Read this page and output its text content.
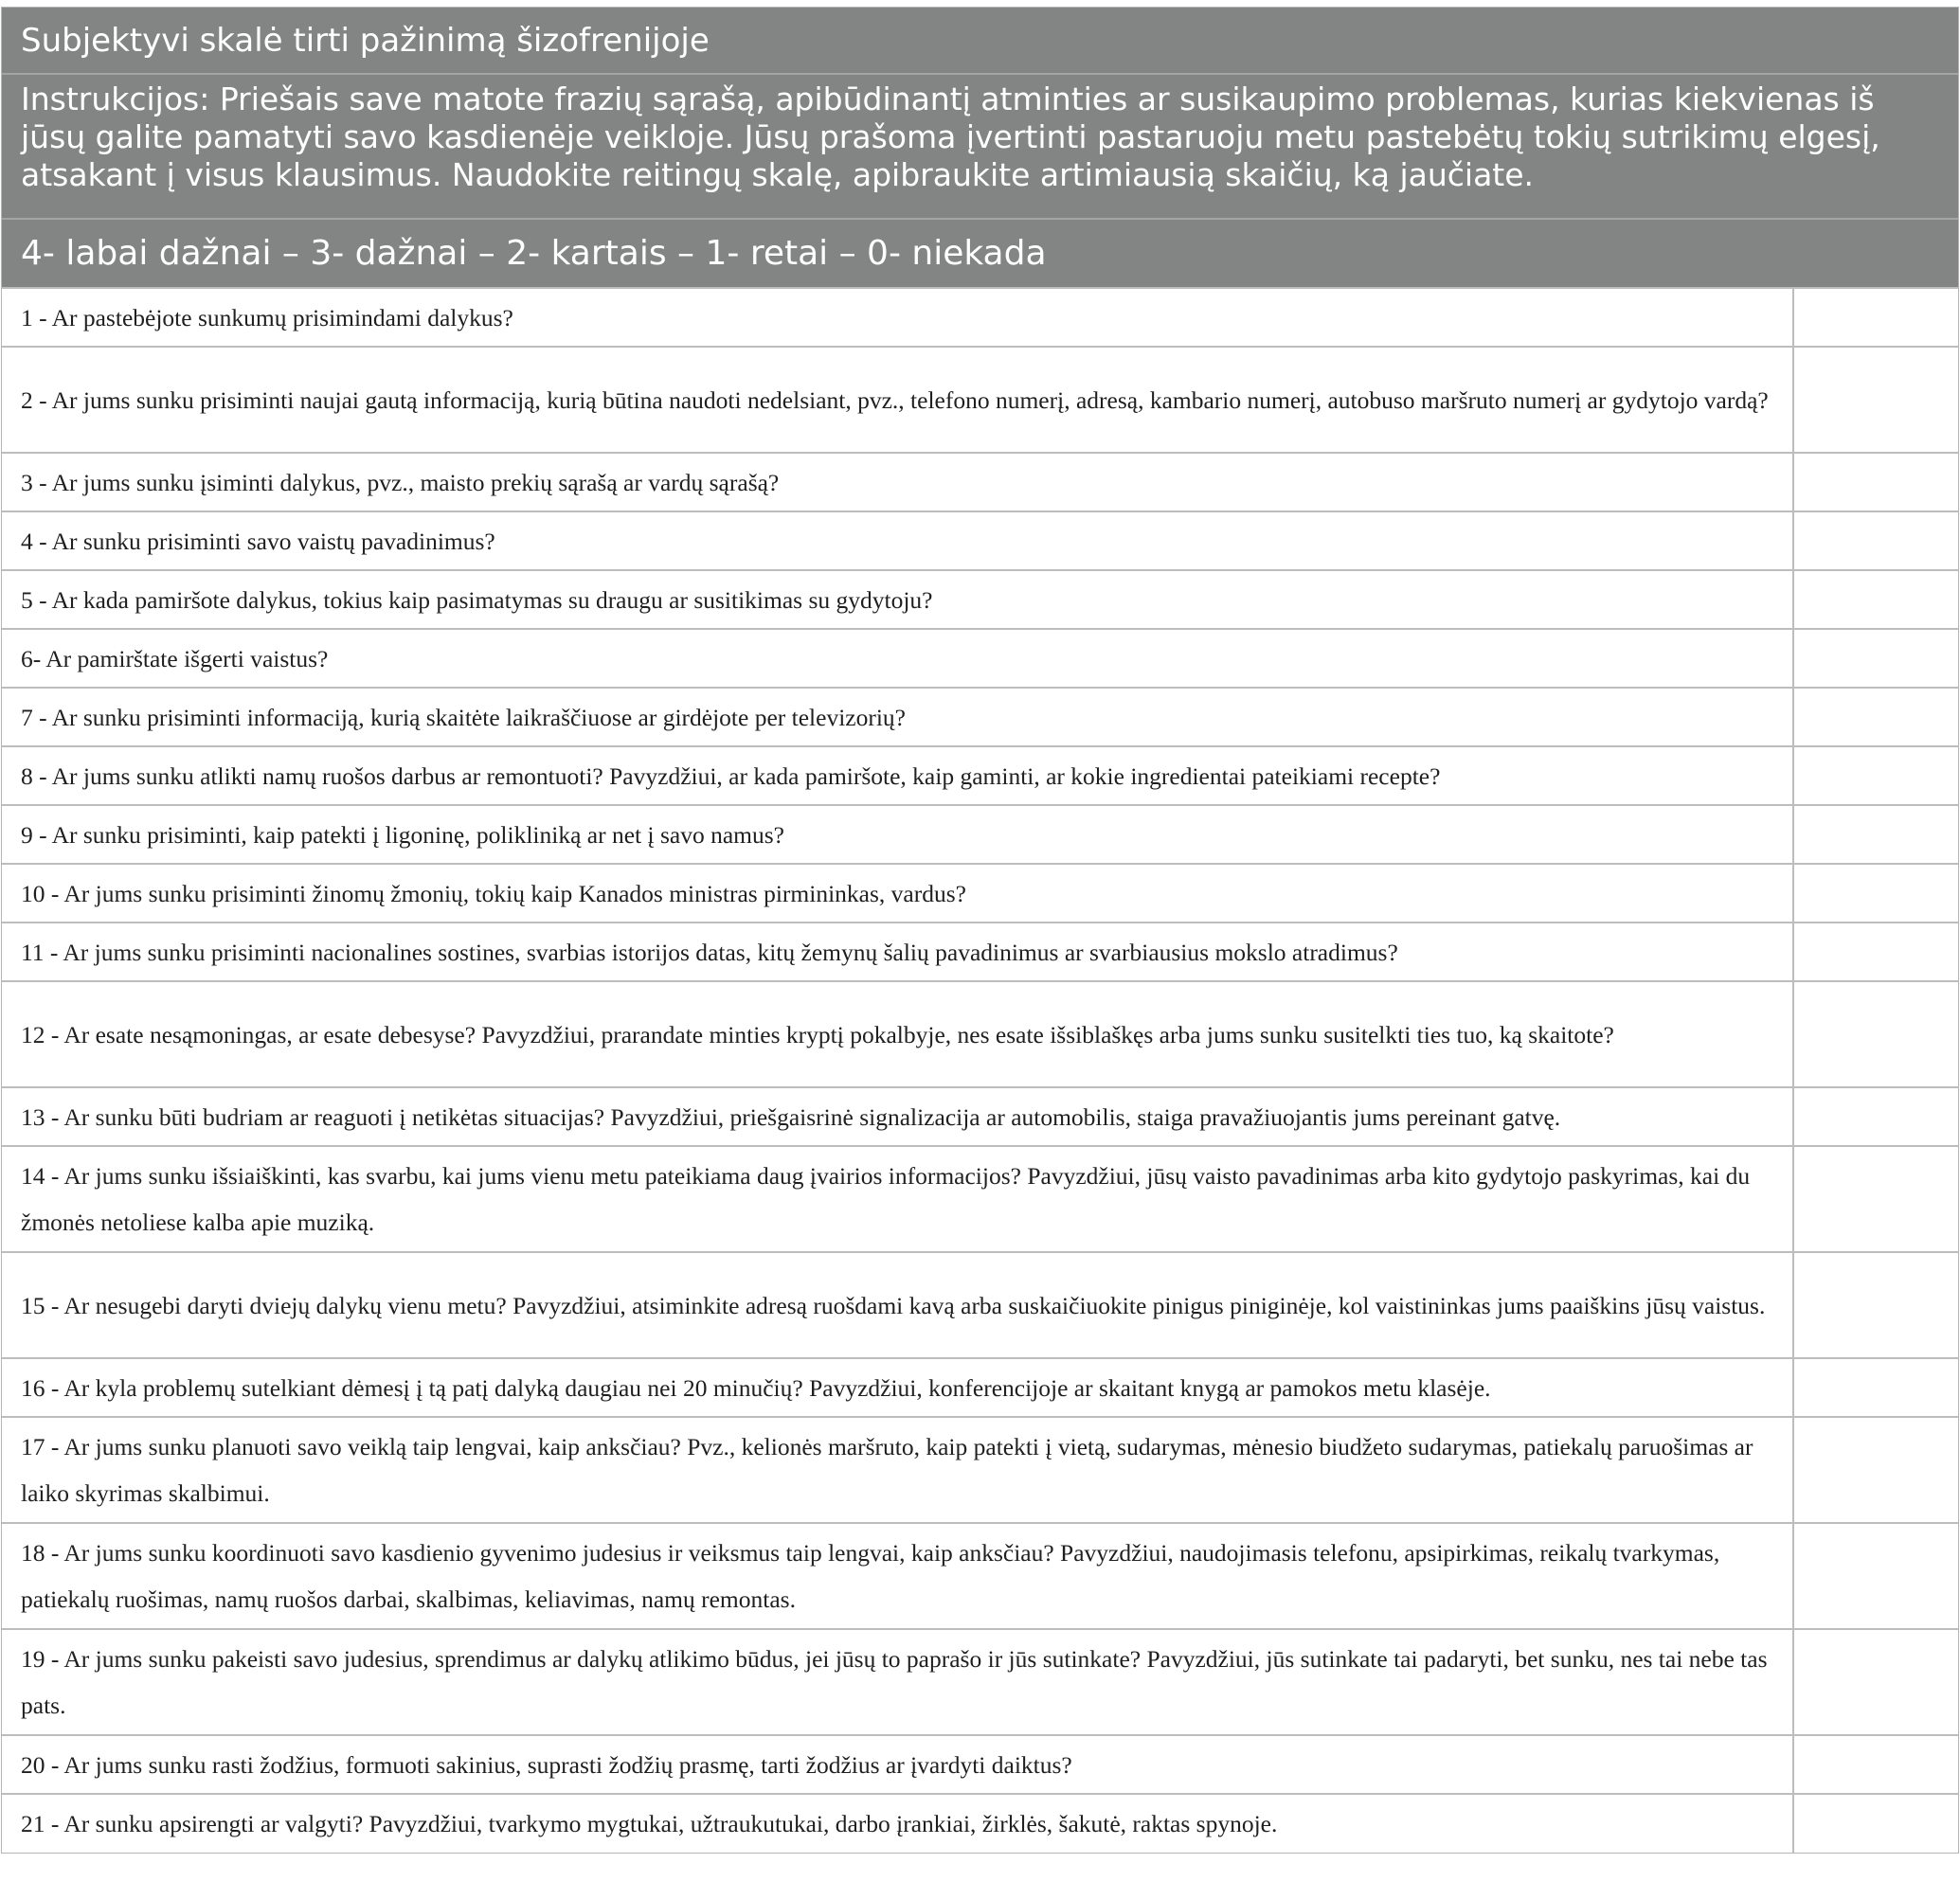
Subjektyvi skalė tirti pažinimą šizofrenijoje
Instrukcijos: Priešais save matote frazių sąrašą, apibūdinantį atminties ar susikaupimo problemas, kurias kiekvienas iš jūsų galite pamatyti savo kasdienėje veikloje. Jūsų prašoma įvertinti pastaruoju metu pastebėtų tokių sutrikimų elgesį, atsakant į visus klausimus. Naudokite reitingų skalę, apibraukite artimiausią skaičių, ką jaučiate.
4- labai dažnai – 3- dažnai – 2- kartais – 1- retai – 0- niekada
1 - Ar pastebėjote sunkumų prisimindami dalykus?	
2 - Ar jums sunku prisiminti naujai gautą informaciją, kurią būtina naudoti nedelsiant, pvz., telefono numerį, adresą, kambario numerį, autobuso maršruto numerį ar gydytojo vardą?	
3 - Ar jums sunku įsiminti dalykus, pvz., maisto prekių sąrašą ar vardų sąrašą?	
4 - Ar sunku prisiminti savo vaistų pavadinimus?	
5 - Ar kada pamiršote dalykus, tokius kaip pasimatymas su draugu ar susitikimas su gydytoju?	
6- Ar pamirštate išgerti vaistus?	
7 - Ar sunku prisiminti informaciją, kurią skaitėte laikraščiuose ar girdėjote per televizorių?	
8 - Ar jums sunku atlikti namų ruošos darbus ar remontuoti? Pavyzdžiui, ar kada pamiršote, kaip gaminti, ar kokie ingredientai pateikiami recepte?	
9 - Ar sunku prisiminti, kaip patekti į ligoninę, polikliniką ar net į savo namus?	
10 - Ar jums sunku prisiminti žinomų žmonių, tokių kaip Kanados ministras pirmininkas, vardus?	
11 - Ar jums sunku prisiminti nacionalines sostines, svarbias istorijos datas, kitų žemynų šalių pavadinimus ar svarbiausius mokslo atradimus?	
12 - Ar esate nesąmoningas, ar esate debesyse? Pavyzdžiui, prarandate minties kryptį pokalbyje, nes esate išsiblaškęs arba jums sunku susitelkti ties tuo, ką skaitote?	
13 - Ar sunku būti budriam ar reaguoti į netikėtas situacijas? Pavyzdžiui, priešgaisrinė signalizacija ar automobilis, staiga pravažiuojantis jums pereinant gatvę.	
14 - Ar jums sunku išsiaiškinti, kas svarbu, kai jums vienu metu pateikiama daug įvairios informacijos? Pavyzdžiui, jūsų vaisto pavadinimas arba kito gydytojo paskyrimas, kai du žmonės netoliese kalba apie muziką.	
15 - Ar nesugebi daryti dviejų dalykų vienu metu? Pavyzdžiui, atsiminkite adresą ruošdami kavą arba suskaičiuokite pinigus piniginėje, kol vaistininkas jums paaiškins jūsų vaistus.	
16 - Ar kyla problemų sutelkiant dėmesį į tą patį dalyką daugiau nei 20 minučių? Pavyzdžiui, konferencijoje ar skaitant knygą ar pamokos metu klasėje.	
17 - Ar jums sunku planuoti savo veiklą taip lengvai, kaip anksčiau? Pvz., kelionės maršruto, kaip patekti į vietą, sudarymas, mėnesio biudžeto sudarymas, patiekalų paruošimas ar laiko skyrimas skalbimui.	
18 - Ar jums sunku koordinuoti savo kasdienio gyvenimo judesius ir veiksmus taip lengvai, kaip anksčiau? Pavyzdžiui, naudojimasis telefonu, apsipirkimas, reikalų tvarkymas, patiekalų ruošimas, namų ruošos darbai, skalbimas, keliavimas, namų remontas.	
19 - Ar jums sunku pakeisti savo judesius, sprendimus ar dalykų atlikimo būdus, jei jūsų to paprašo ir jūs sutinkate? Pavyzdžiui, jūs sutinkate tai padaryti, bet sunku, nes tai nebe tas pats.	
20 - Ar jums sunku rasti žodžius, formuoti sakinius, suprasti žodžių prasmę, tarti žodžius ar įvardyti daiktus?	
21 - Ar sunku apsirengti ar valgyti? Pavyzdžiui, tvarkymo mygtukai, užtraukutukai, darbo įrankiai, žirklės, šakutė, raktas spynoje.	
